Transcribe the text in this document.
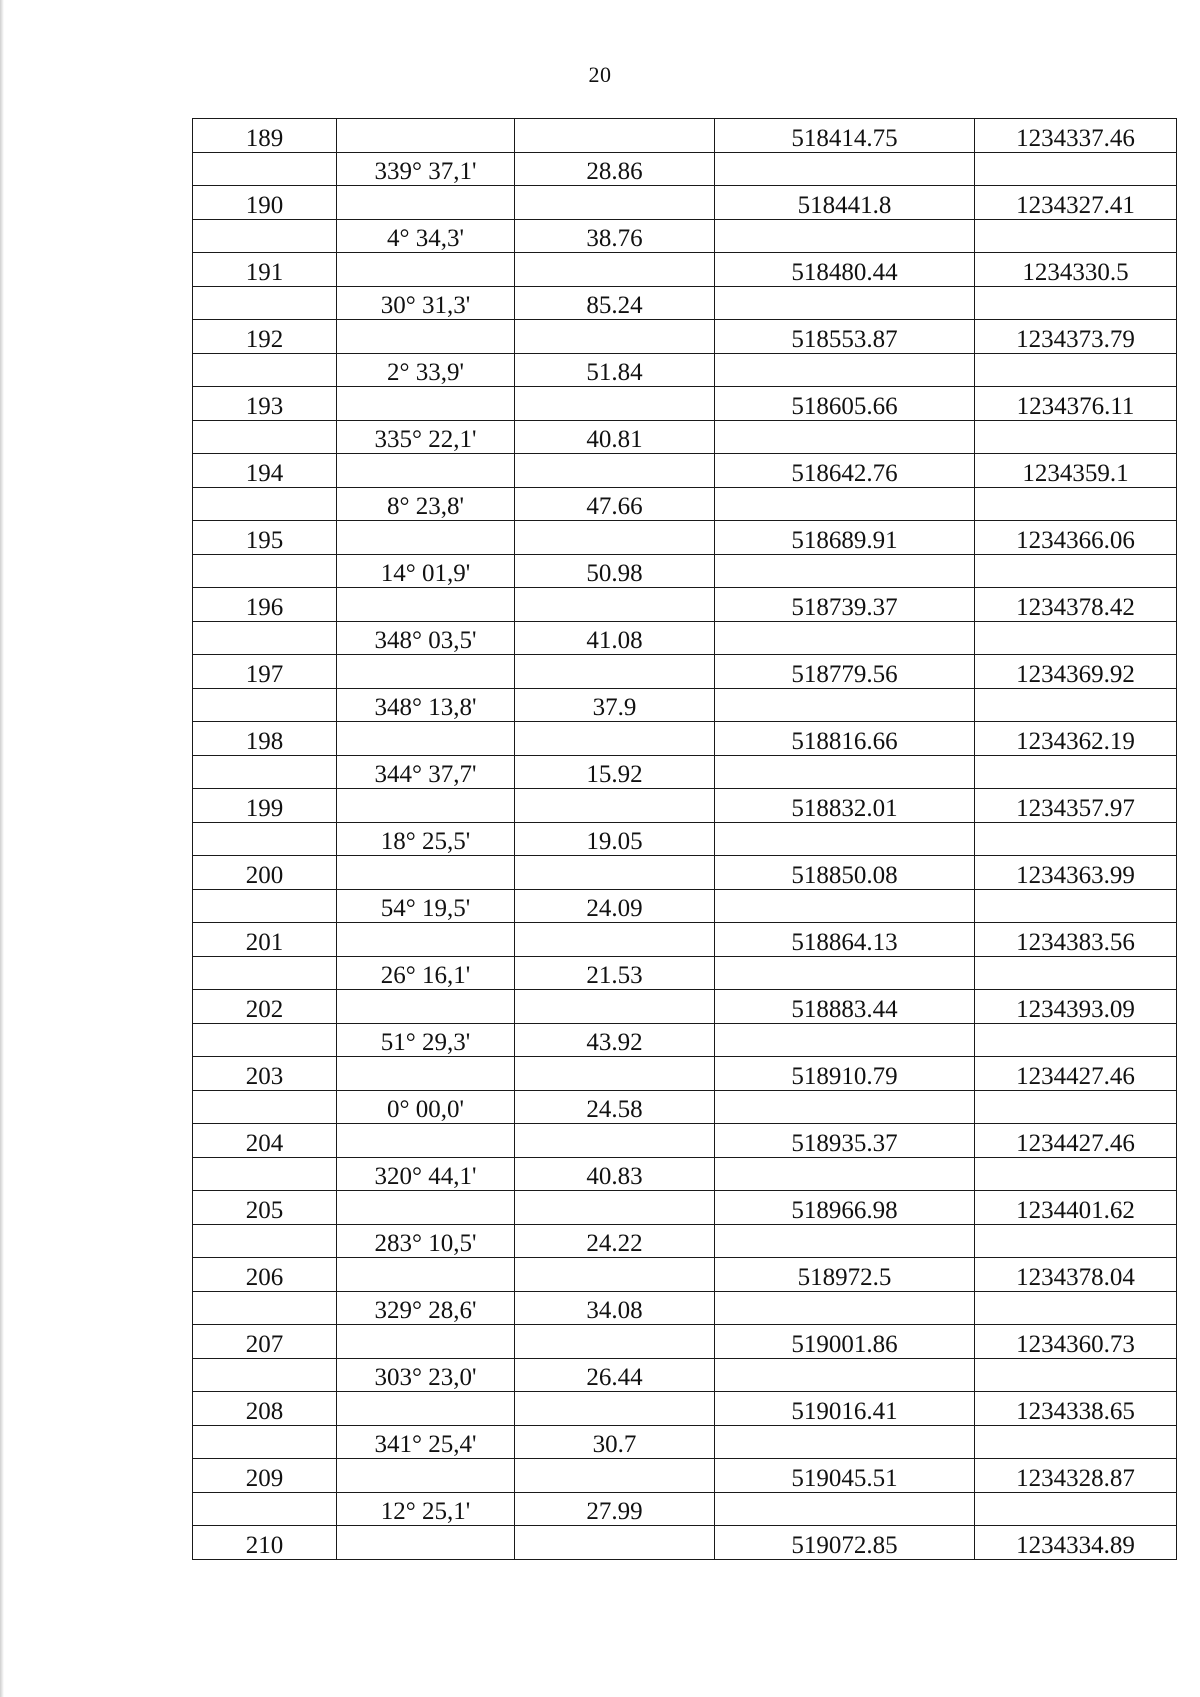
20
189			518414.75	1234337.46
	339° 37,1'	28.86		
190			518441.8	1234327.41
	4° 34,3'	38.76		
191			518480.44	1234330.5
	30° 31,3'	85.24		
192			518553.87	1234373.79
	2° 33,9'	51.84		
193			518605.66	1234376.11
	335° 22,1'	40.81		
194			518642.76	1234359.1
	8° 23,8'	47.66		
195			518689.91	1234366.06
	14° 01,9'	50.98		
196			518739.37	1234378.42
	348° 03,5'	41.08		
197			518779.56	1234369.92
	348° 13,8'	37.9		
198			518816.66	1234362.19
	344° 37,7'	15.92		
199			518832.01	1234357.97
	18° 25,5'	19.05		
200			518850.08	1234363.99
	54° 19,5'	24.09		
201			518864.13	1234383.56
	26° 16,1'	21.53		
202			518883.44	1234393.09
	51° 29,3'	43.92		
203			518910.79	1234427.46
	0° 00,0'	24.58		
204			518935.37	1234427.46
	320° 44,1'	40.83		
205			518966.98	1234401.62
	283° 10,5'	24.22		
206			518972.5	1234378.04
	329° 28,6'	34.08		
207			519001.86	1234360.73
	303° 23,0'	26.44		
208			519016.41	1234338.65
	341° 25,4'	30.7		
209			519045.51	1234328.87
	12° 25,1'	27.99		
210			519072.85	1234334.89
